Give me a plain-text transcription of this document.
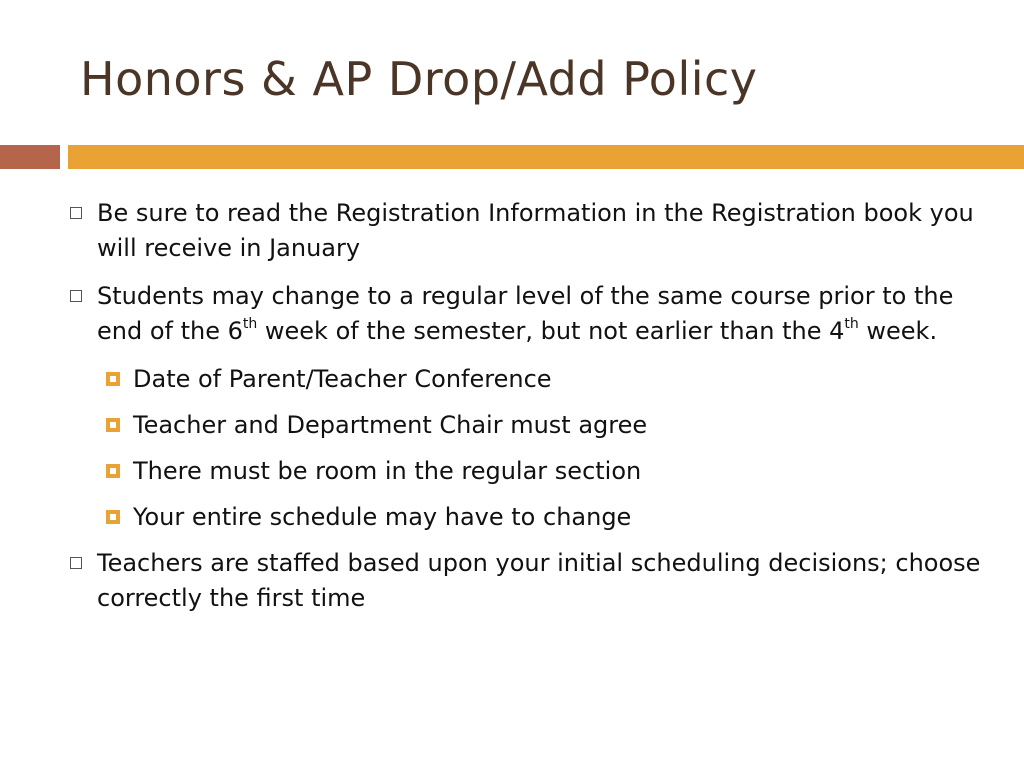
Honors & AP Drop/Add Policy
Be sure to read the Registration Information in the Registration book you will receive in January
Students may change to a regular level of the same course prior to the end of the 6th week of the semester, but not earlier than the 4th week.
Date of Parent/Teacher Conference
Teacher and Department Chair must agree
There must be room in the regular section
Your entire schedule may have to change
Teachers are staffed based upon your initial scheduling decisions; choose correctly the first time
